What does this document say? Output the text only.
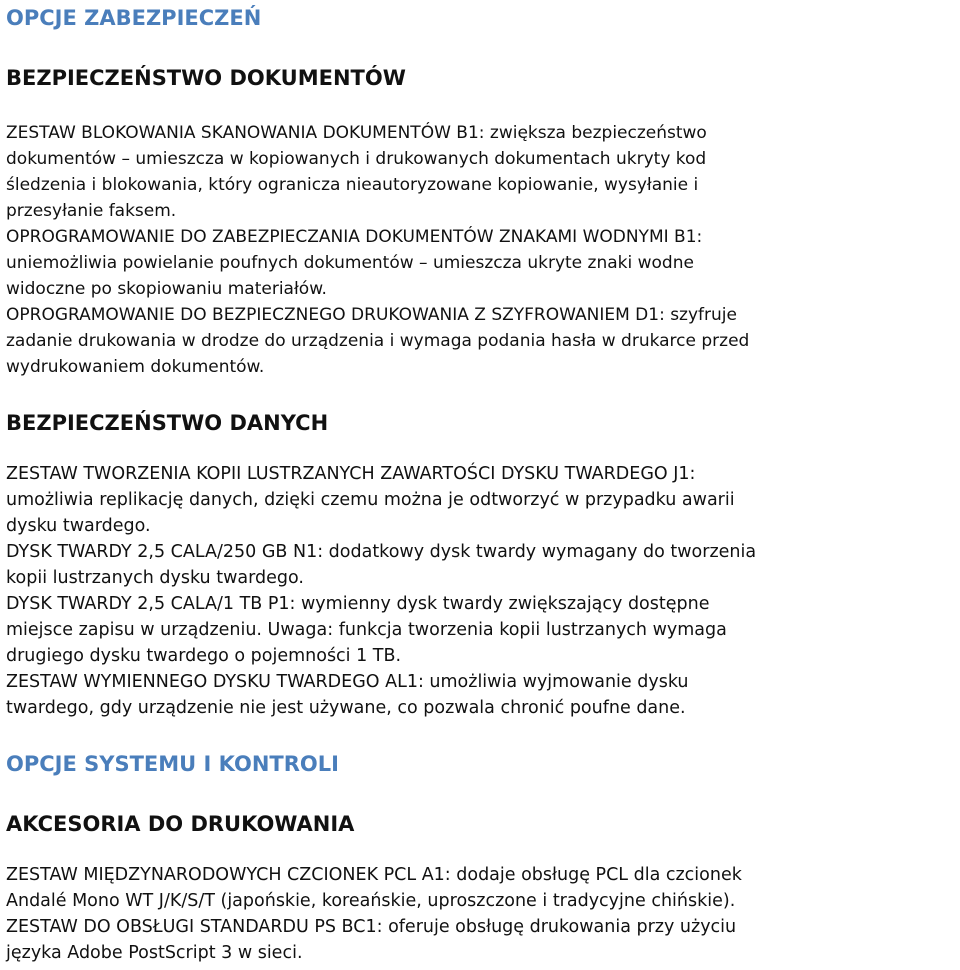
OPCJE ZABEZPIECZEŃ
BEZPIECZEŃSTWO DOKUMENTÓW

ZESTAW BLOKOWANIA SKANOWANIA DOKUMENTÓW B1: zwiększa bezpieczeństwo

dokumentów – umieszcza w kopiowanych i drukowanych dokumentach ukryty kod

śledzenia i blokowania, który ogranicza nieautoryzowane kopiowanie, wysyłanie i

przesyłanie faksem.

OPROGRAMOWANIE DO ZABEZPIECZANIA DOKUMENTÓW ZNAKAMI WODNYMI B1:

uniemożliwia powielanie poufnych dokumentów – umieszcza ukryte znaki wodne

widoczne po skopiowaniu materiałów.

OPROGRAMOWANIE DO BEZPIECZNEGO DRUKOWANIA Z SZYFROWANIEM D1: szyfruje

zadanie drukowania w drodze do urządzenia i wymaga podania hasła w drukarce przed

wydrukowaniem dokumentów.

BEZPIECZEŃSTWO DANYCH

ZESTAW TWORZENIA KOPII LUSTRZANYCH ZAWARTOŚCI DYSKU TWARDEGO J1:

umożliwia replikację danych, dzięki czemu można je odtworzyć w przypadku awarii

dysku twardego.

DYSK TWARDY 2,5 CALA/250 GB N1: dodatkowy dysk twardy wymagany do tworzenia

kopii lustrzanych dysku twardego.

DYSK TWARDY 2,5 CALA/1 TB P1: wymienny dysk twardy zwiększający dostępne

miejsce zapisu w urządzeniu. Uwaga: funkcja tworzenia kopii lustrzanych wymaga

drugiego dysku twardego o pojemności 1 TB.

ZESTAW WYMIENNEGO DYSKU TWARDEGO AL1: umożliwia wyjmowanie dysku

twardego, gdy urządzenie nie jest używane, co pozwala chronić poufne dane.

OPCJE SYSTEMU I KONTROLI
AKCESORIA DO DRUKOWANIA

ZESTAW MIĘDZYNARODOWYCH CZCIONEK PCL A1: dodaje obsługę PCL dla czcionek

Andalé Mono WT J/K/S/T (japońskie, koreańskie, uproszczone i tradycyjne chińskie).

ZESTAW DO OBSŁUGI STANDARDU PS BC1: oferuje obsługę drukowania przy użyciu

języka Adobe PostScript 3 w sieci.
